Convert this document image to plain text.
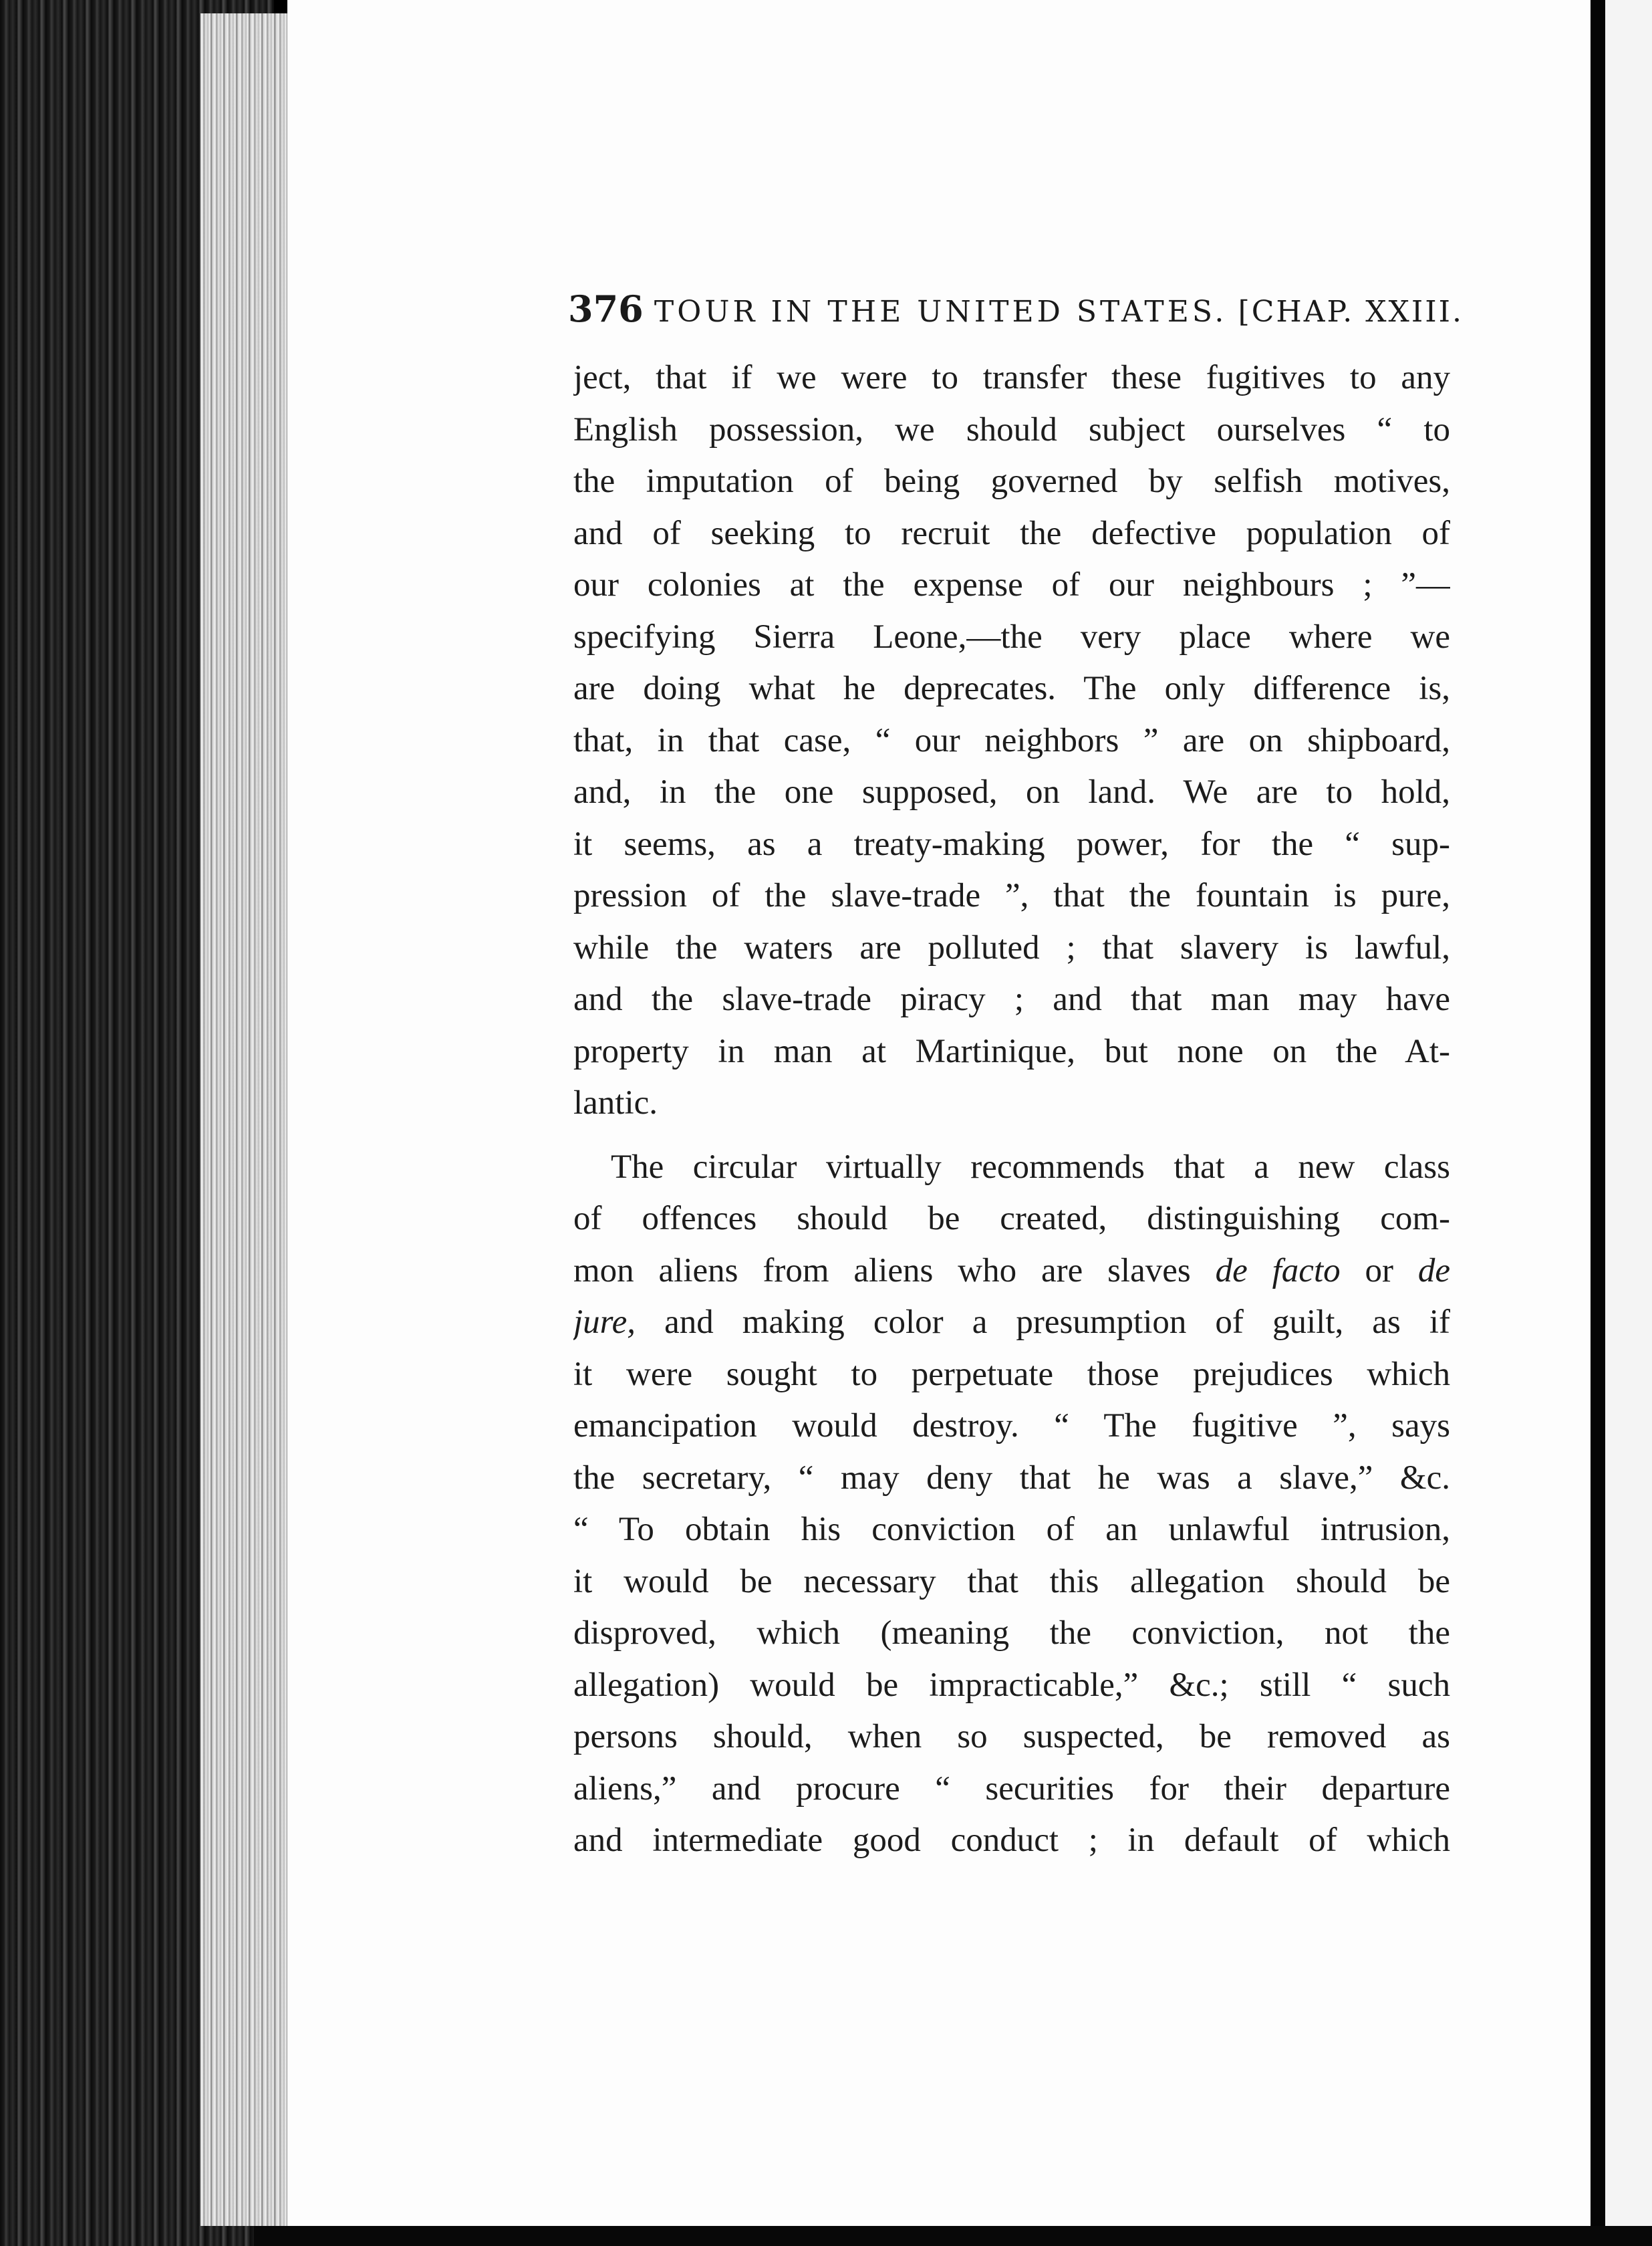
376 TOUR IN THE UNITED STATES. [CHAP. XXIII.
ject, that if we were to transfer these fugitives to any
English possession, we should subject ourselves “ to
the imputation of being governed by selfish motives,
and of seeking to recruit the defective population of
our colonies at the expense of our neighbours ; ”—
specifying Sierra Leone,—the very place where we
are doing what he deprecates. The only difference is,
that, in that case, “ our neighbors ” are on shipboard,
and, in the one supposed, on land. We are to hold,
it seems, as a treaty-making power, for the “ sup-
pression of the slave-trade ”, that the fountain is pure,
while the waters are polluted ; that slavery is lawful,
and the slave-trade piracy ; and that man may have
property in man at Martinique, but none on the At-
lantic.
The circular virtually recommends that a new class
of offences should be created, distinguishing com-
mon aliens from aliens who are slaves de facto or de
jure, and making color a presumption of guilt, as if
it were sought to perpetuate those prejudices which
emancipation would destroy. “ The fugitive ”, says
the secretary, “ may deny that he was a slave,” &c.
“ To obtain his conviction of an unlawful intrusion,
it would be necessary that this allegation should be
disproved, which (meaning the conviction, not the
allegation) would be impracticable,” &c.; still “ such
persons should, when so suspected, be removed as
aliens,” and procure “ securities for their departure
and intermediate good conduct ; in default of which
